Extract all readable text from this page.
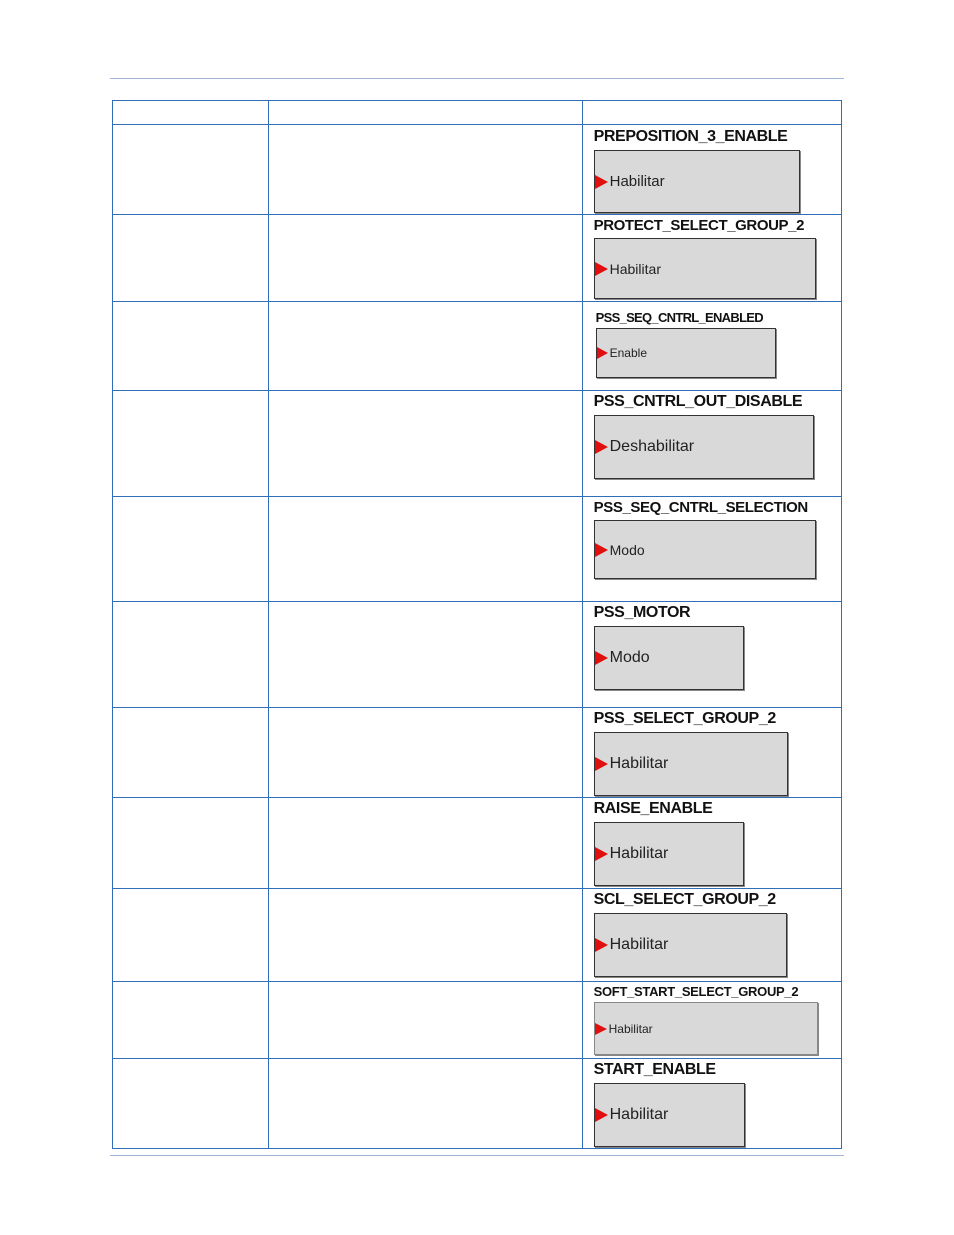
		PREPOSITION_3_ENABLE
Habilitar

		PROTECT_SELECT_GROUP_2
Habilitar

		PSS_SEQ_CNTRL_ENABLED
Enable

		PSS_CNTRL_OUT_DISABLE
Deshabilitar

		PSS_SEQ_CNTRL_SELECTION
Modo

		PSS_MOTOR
Modo

		PSS_SELECT_GROUP_2
Habilitar

		RAISE_ENABLE
Habilitar

		SCL_SELECT_GROUP_2
Habilitar

		SOFT_START_SELECT_GROUP_2
Habilitar

		START_ENABLE
Habilitar
